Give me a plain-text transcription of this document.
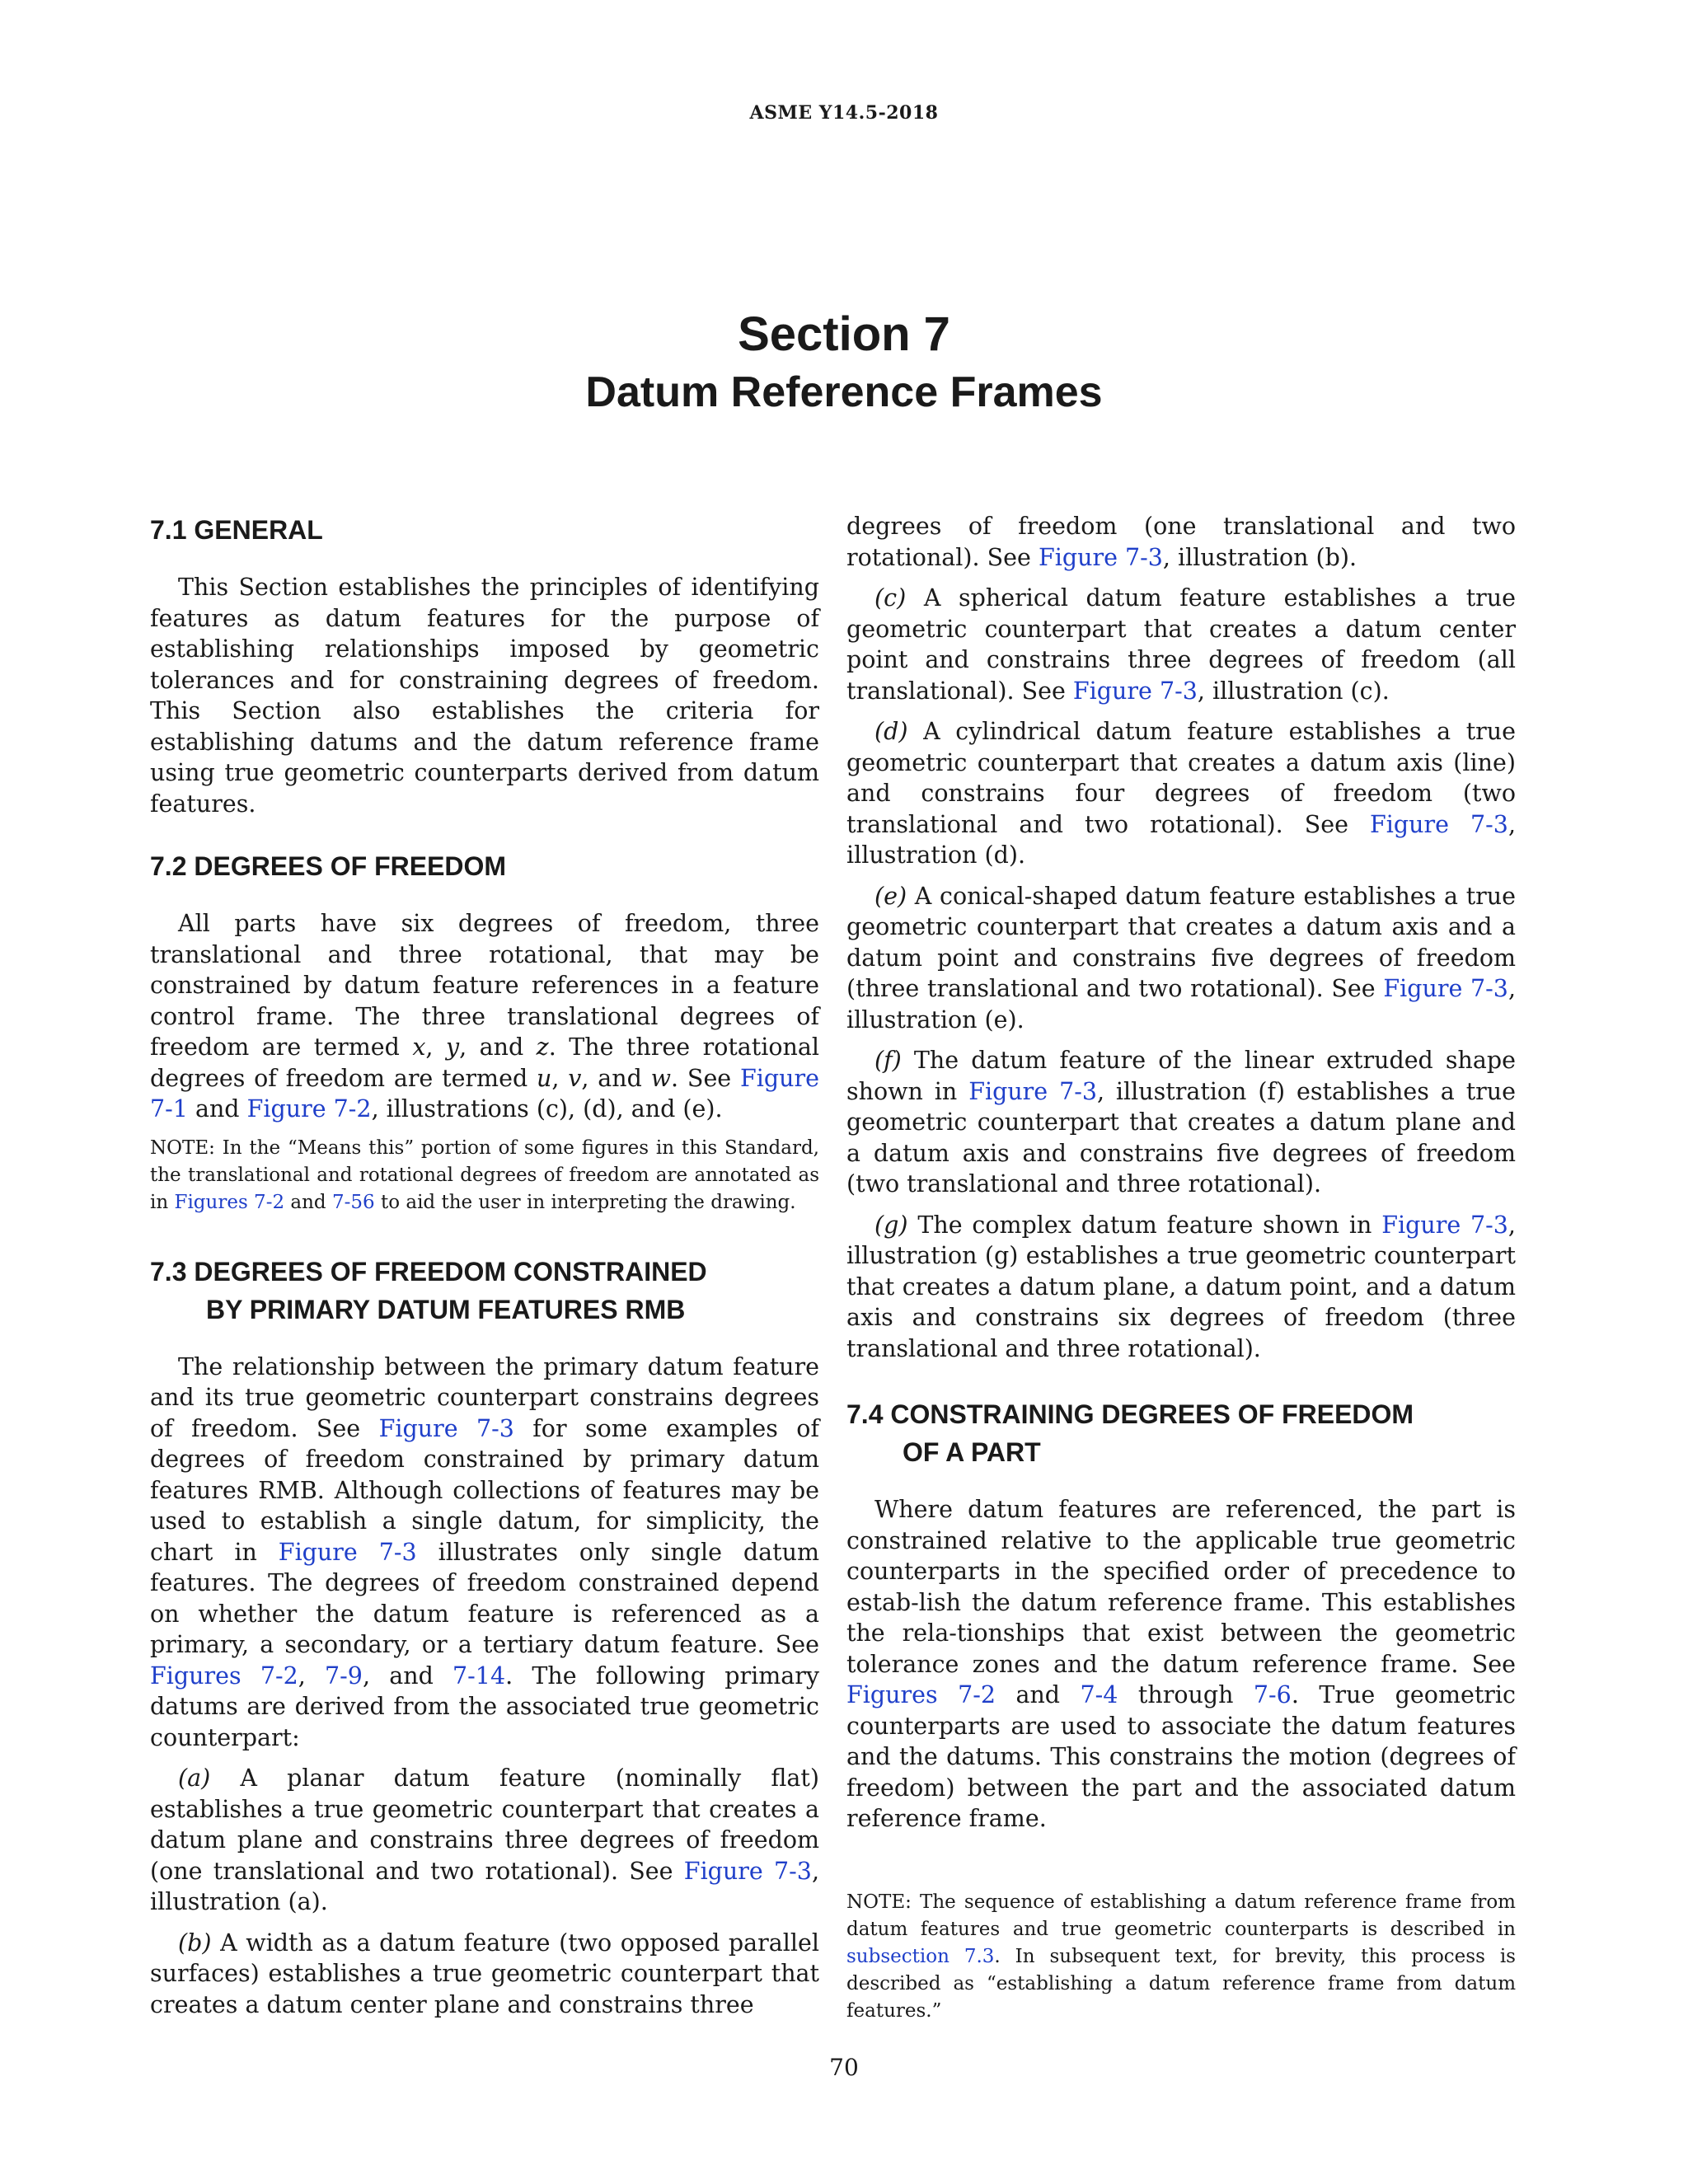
ASME Y14.5-2018
Section 7
Datum Reference Frames
7.1 GENERAL

This Section establishes the principles of identifying features as datum features for the purpose of establishing relationships imposed by geometric tolerances and for constraining degrees of freedom. This Section also establishes the criteria for establishing datums and the datum reference frame using true geometric counterparts derived from datum features.

7.2 DEGREES OF FREEDOM

All parts have six degrees of freedom, three translational and three rotational, that may be constrained by datum feature references in a feature control frame. The three translational degrees of freedom are termed x, y, and z. The three rotational degrees of freedom are termed u, v, and w. See Figure 7-1 and Figure 7-2, illustrations (c), (d), and (e).

NOTE: In the “Means this” portion of some figures in this Standard, the translational and rotational degrees of freedom are annotated as in Figures 7-2 and 7-56 to aid the user in interpreting the drawing.

7.3 DEGREES OF FREEDOM CONSTRAINED
BY PRIMARY DATUM FEATURES RMB

The relationship between the primary datum feature and its true geometric counterpart constrains degrees of freedom. See Figure 7-3 for some examples of degrees of freedom constrained by primary datum features RMB. Although collections of features may be used to establish a single datum, for simplicity, the chart in Figure 7-3 illustrates only single datum features. The degrees of freedom constrained depend on whether the datum feature is referenced as a primary, a secondary, or a tertiary datum feature. See Figures 7-2, 7-9, and 7-14. The following primary datums are derived from the associated true geometric counterpart:

(a) A planar datum feature (nominally flat) establishes a true geometric counterpart that creates a datum plane and constrains three degrees of freedom (one translational and two rotational). See Figure 7-3, illustration (a).

(b) A width as a datum feature (two opposed parallel surfaces) establishes a true geometric counterpart that creates a datum center plane and constrains three

degrees of freedom (one translational and two rotational). See Figure 7-3, illustration (b).

(c) A spherical datum feature establishes a true geometric counterpart that creates a datum center point and constrains three degrees of freedom (all translational). See Figure 7-3, illustration (c).

(d) A cylindrical datum feature establishes a true geometric counterpart that creates a datum axis (line) and constrains four degrees of freedom (two translational and two rotational). See Figure 7-3, illustration (d).

(e) A conical-shaped datum feature establishes a true geometric counterpart that creates a datum axis and a datum point and constrains five degrees of freedom (three translational and two rotational). See Figure 7-3, illustration (e).

(f) The datum feature of the linear extruded shape shown in Figure 7-3, illustration (f) establishes a true geometric counterpart that creates a datum plane and a datum axis and constrains five degrees of freedom (two translational and three rotational).

(g) The complex datum feature shown in Figure 7-3, illustration (g) establishes a true geometric counterpart that creates a datum plane, a datum point, and a datum axis and constrains six degrees of freedom (three translational and three rotational).

7.4 CONSTRAINING DEGREES OF FREEDOM
OF A PART

Where datum features are referenced, the part is constrained relative to the applicable true geometric counterparts in the specified order of precedence to estab-lish the datum reference frame. This establishes the rela-tionships that exist between the geometric tolerance zones and the datum reference frame. See Figures 7-2 and 7-4 through 7-6. True geometric counterparts are used to associate the datum features and the datums. This constrains the motion (degrees of freedom) between the part and the associated datum reference frame.

NOTE: The sequence of establishing a datum reference frame from datum features and true geometric counterparts is described in subsection 7.3. In subsequent text, for brevity, this process is described as “establishing a datum reference frame from datum features.”

70
